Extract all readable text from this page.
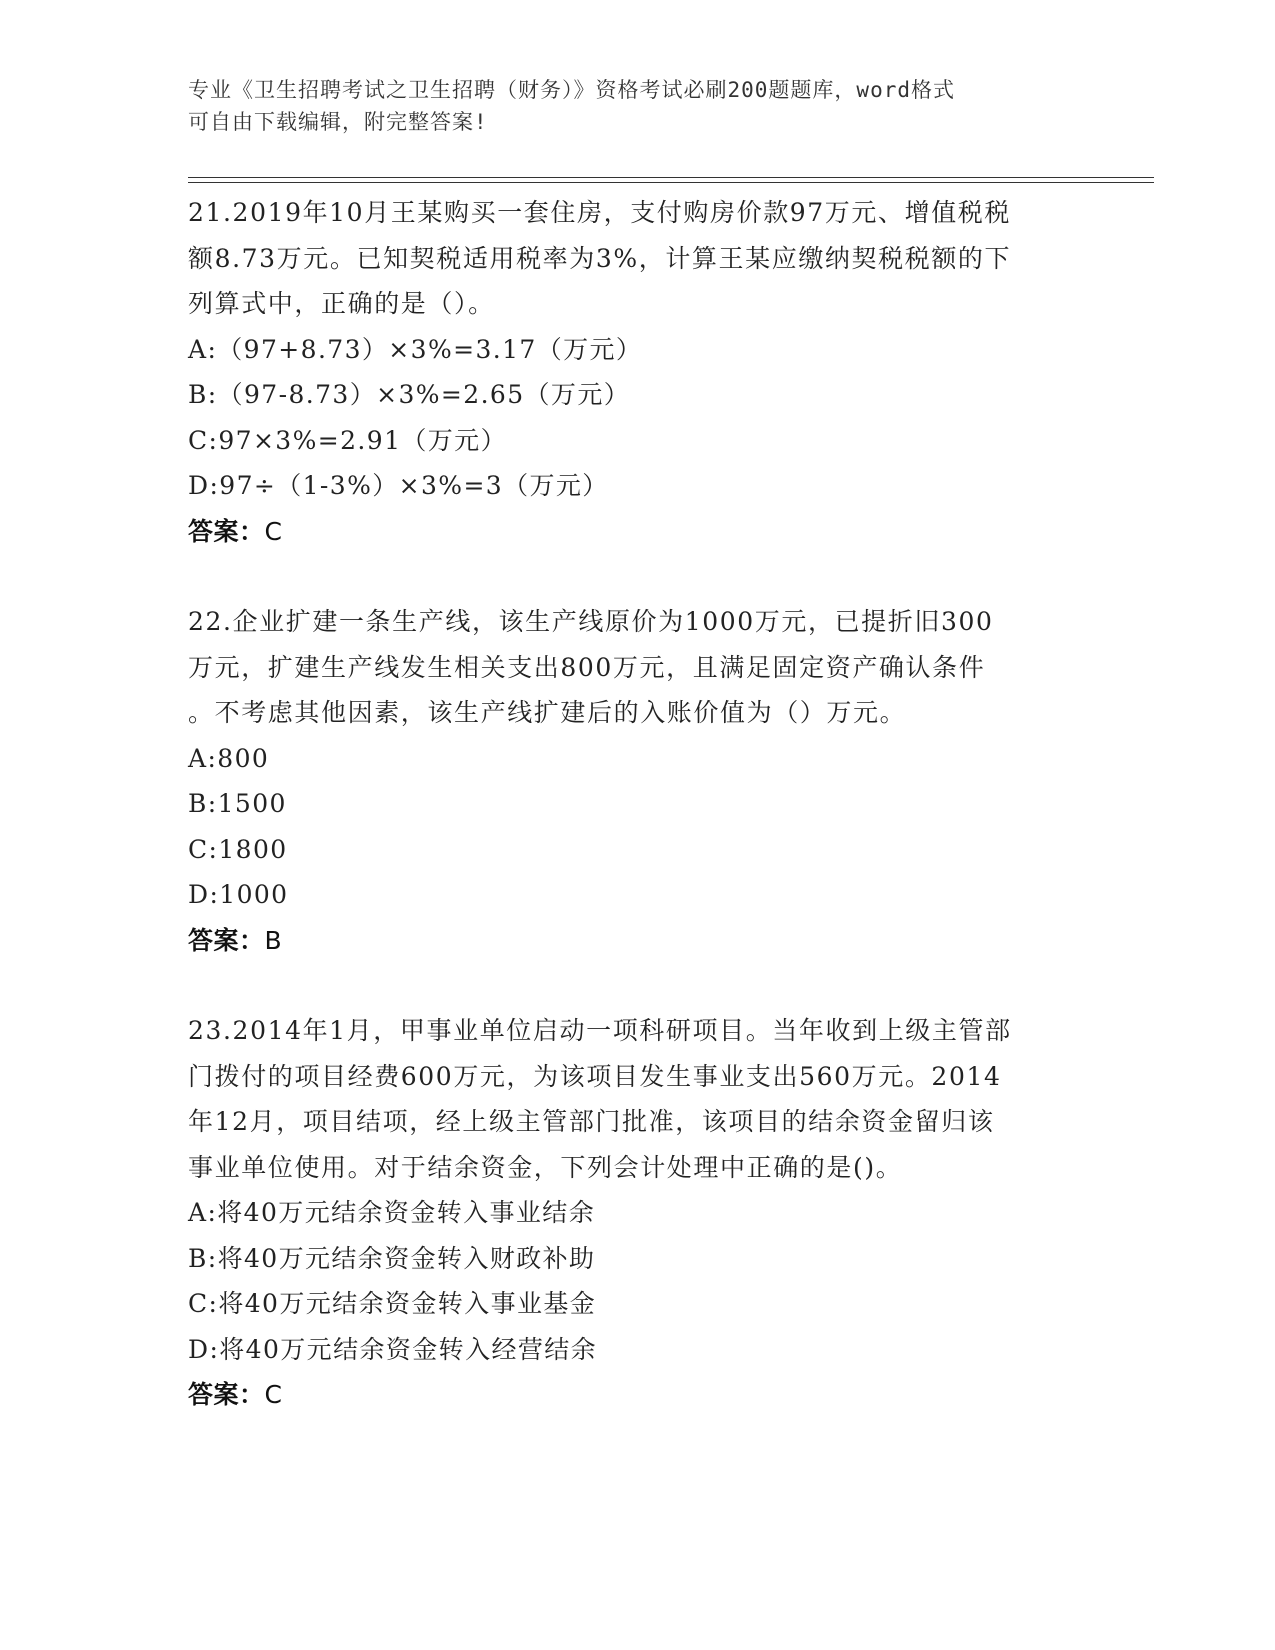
专业《卫生招聘考试之卫生招聘（财务）》资格考试必刷200题题库，word格式
可自由下载编辑，附完整答案!
21.2019年10月王某购买一套住房，支付购房价款97万元、增值税税
额8.73万元。已知契税适用税率为3%，计算王某应缴纳契税税额的下
列算式中，正确的是（）。
A:（97+8.73）×3%=3.17（万元）
B:（97-8.73）×3%=2.65（万元）
C:97×3%=2.91（万元）
D:97÷（1-3%）×3%=3（万元）
答案：C
22.企业扩建一条生产线，该生产线原价为1000万元，已提折旧300
万元，扩建生产线发生相关支出800万元，且满足固定资产确认条件
。不考虑其他因素，该生产线扩建后的入账价值为（）万元。
A:800
B:1500
C:1800
D:1000
答案：B
23.2014年1月，甲事业单位启动一项科研项目。当年收到上级主管部
门拨付的项目经费600万元，为该项目发生事业支出560万元。2014
年12月，项目结项，经上级主管部门批准，该项目的结余资金留归该
事业单位使用。对于结余资金，下列会计处理中正确的是()。
A:将40万元结余资金转入事业结余
B:将40万元结余资金转入财政补助
C:将40万元结余资金转入事业基金
D:将40万元结余资金转入经营结余
答案：C
